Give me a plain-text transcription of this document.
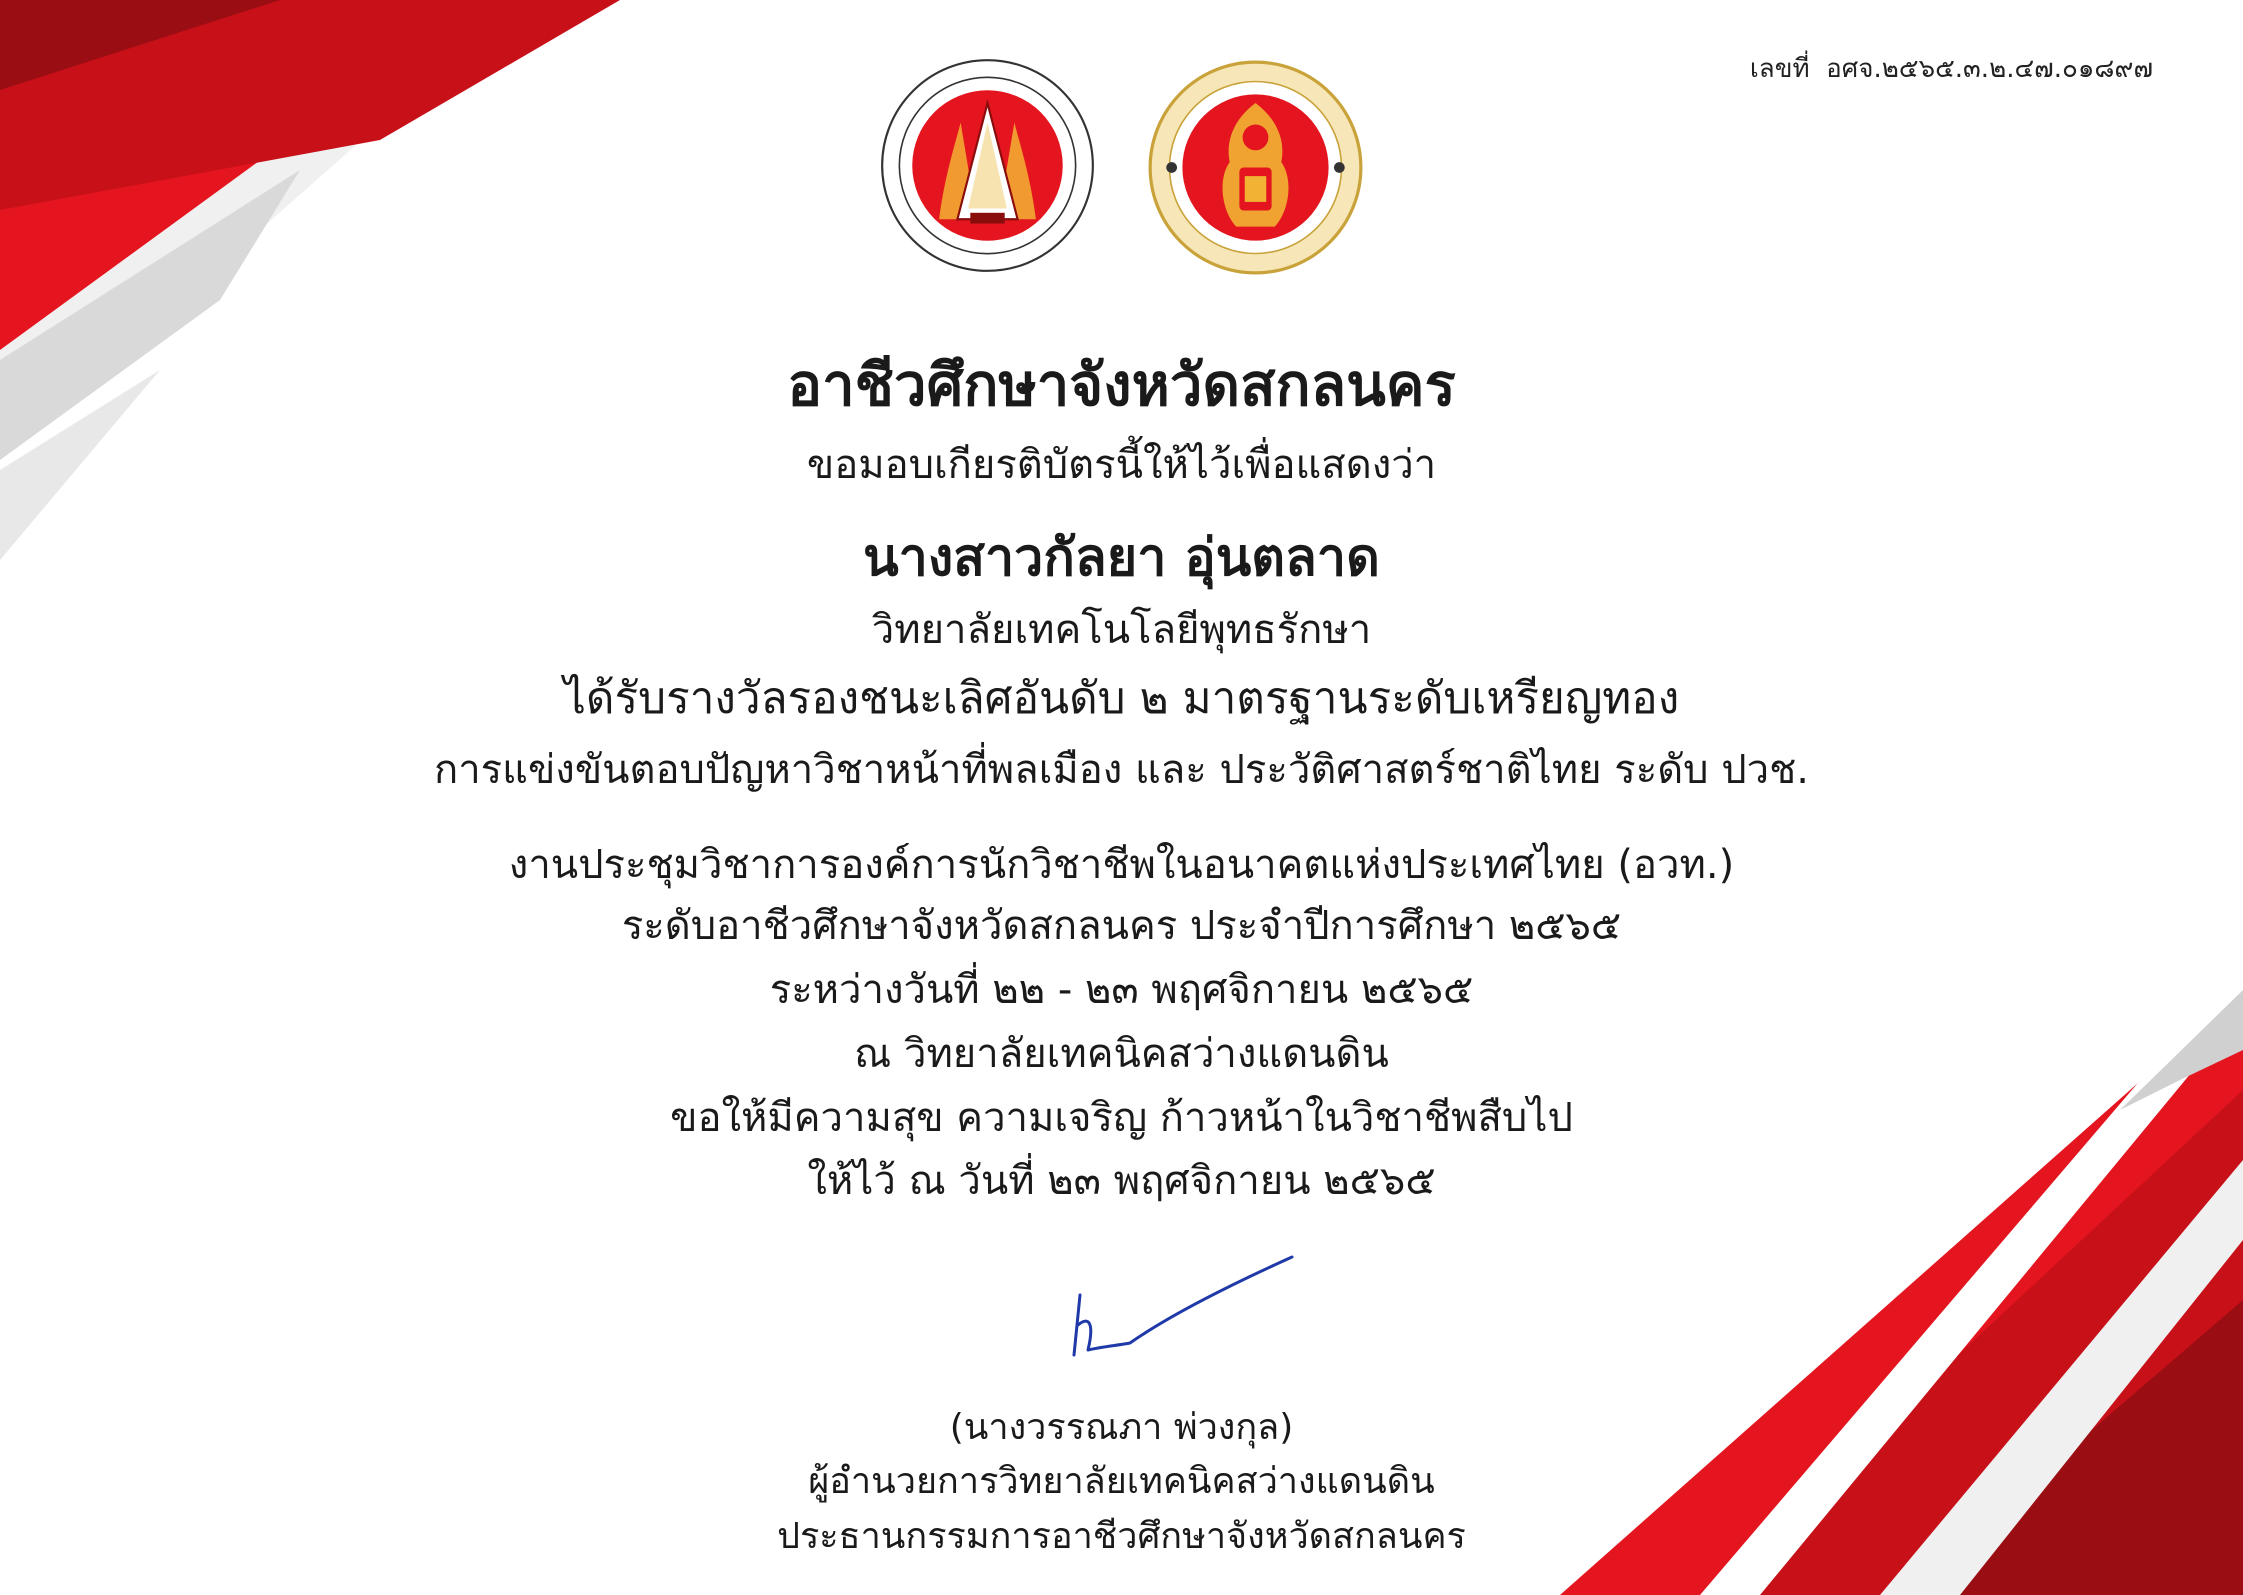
เลขที่ อศจ.๒๕๖๕.๓.๒.๔๗.๐๑๘๙๗
อาชีวศึกษาจังหวัดสกลนคร
ขอมอบเกียรติบัตรนี้ให้ไว้เพื่อแสดงว่า
นางสาวกัลยา อุ่นตลาด
วิทยาลัยเทคโนโลยีพุทธรักษา
ได้รับรางวัลรองชนะเลิศอันดับ ๒ มาตรฐานระดับเหรียญทอง
การแข่งขันตอบปัญหาวิชาหน้าที่พลเมือง และ ประวัติศาสตร์ชาติไทย ระดับ ปวช.
งานประชุมวิชาการองค์การนักวิชาชีพในอนาคตแห่งประเทศไทย (อวท.)
ระดับอาชีวศึกษาจังหวัดสกลนคร ประจำปีการศึกษา ๒๕๖๕
ระหว่างวันที่ ๒๒ - ๒๓ พฤศจิกายน ๒๕๖๕
ณ วิทยาลัยเทคนิคสว่างแดนดิน
ขอให้มีความสุข ความเจริญ ก้าวหน้าในวิชาชีพสืบไป
ให้ไว้ ณ วันที่ ๒๓ พฤศจิกายน ๒๕๖๕
(นางวรรณภา พ่วงกุล)
ผู้อำนวยการวิทยาลัยเทคนิคสว่างแดนดิน
ประธานกรรมการอาชีวศึกษาจังหวัดสกลนคร
